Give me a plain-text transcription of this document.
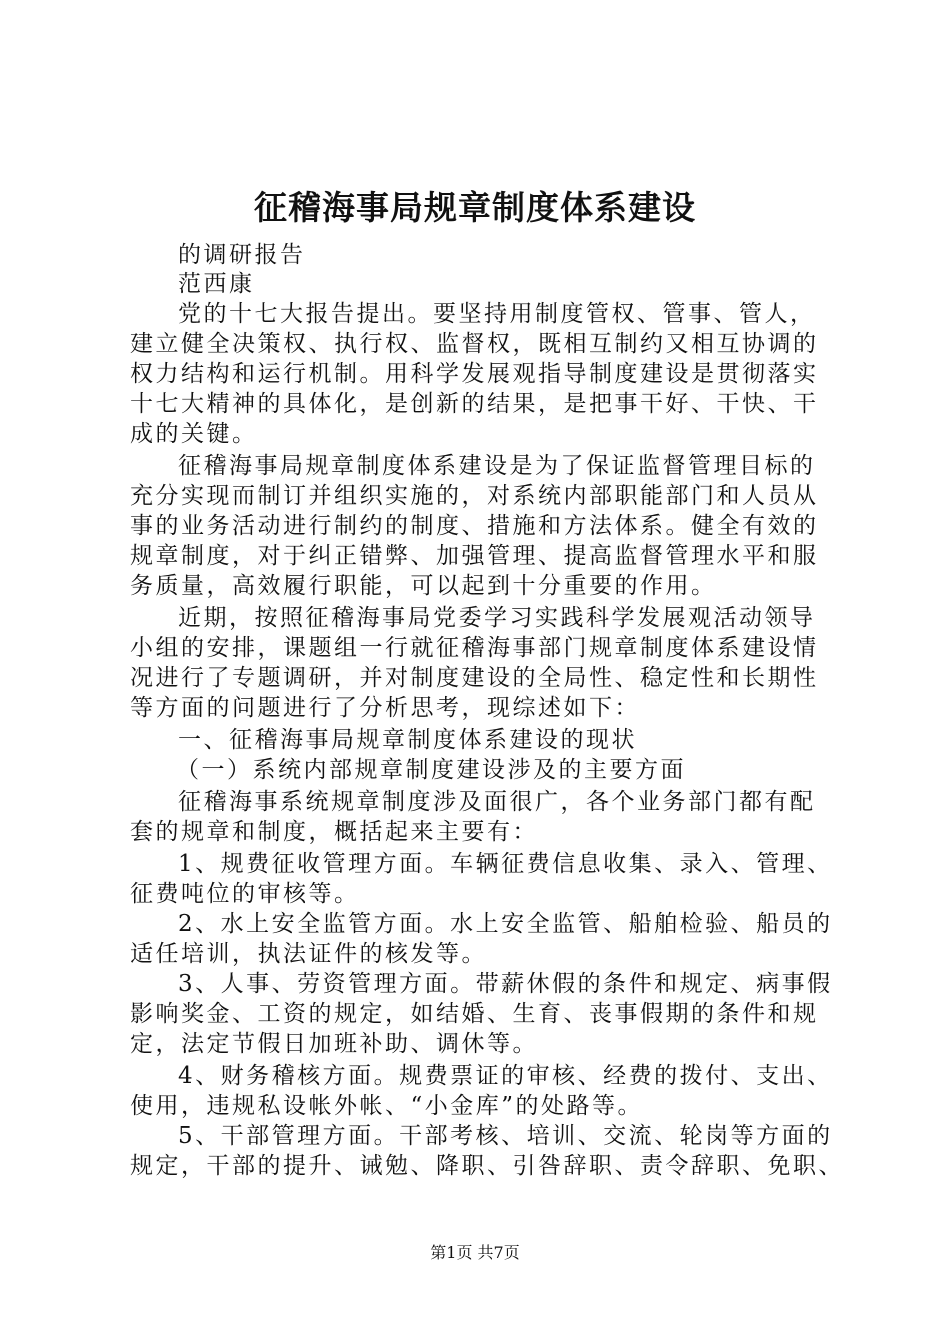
征稽海事局规章制度体系建设
的调研报告
范西康
党的十七大报告提出。要坚持用制度管权、管事、管人，
建立健全决策权、执行权、监督权，既相互制约又相互协调的
权力结构和运行机制。用科学发展观指导制度建设是贯彻落实
十七大精神的具体化，是创新的结果，是把事干好、干快、干
成的关键。
征稽海事局规章制度体系建设是为了保证监督管理目标的
充分实现而制订并组织实施的，对系统内部职能部门和人员从
事的业务活动进行制约的制度、措施和方法体系。健全有效的
规章制度，对于纠正错弊、加强管理、提高监督管理水平和服
务质量，高效履行职能，可以起到十分重要的作用。
近期，按照征稽海事局党委学习实践科学发展观活动领导
小组的安排，课题组一行就征稽海事部门规章制度体系建设情
况进行了专题调研，并对制度建设的全局性、稳定性和长期性
等方面的问题进行了分析思考，现综述如下：
一、征稽海事局规章制度体系建设的现状
（一）系统内部规章制度建设涉及的主要方面
征稽海事系统规章制度涉及面很广，各个业务部门都有配
套的规章和制度，概括起来主要有：
1、规费征收管理方面。车辆征费信息收集、录入、管理、
征费吨位的审核等。
2、水上安全监管方面。水上安全监管、船舶检验、船员的
适任培训，执法证件的核发等。
3、人事、劳资管理方面。带薪休假的条件和规定、病事假
影响奖金、工资的规定，如结婚、生育、丧事假期的条件和规
定，法定节假日加班补助、调休等。
4、财务稽核方面。规费票证的审核、经费的拨付、支出、
使用，违规私设帐外帐、“小金库”的处路等。
5、干部管理方面。干部考核、培训、交流、轮岗等方面的
规定，干部的提升、诫勉、降职、引咎辞职、责令辞职、免职、
第1页 共7页
